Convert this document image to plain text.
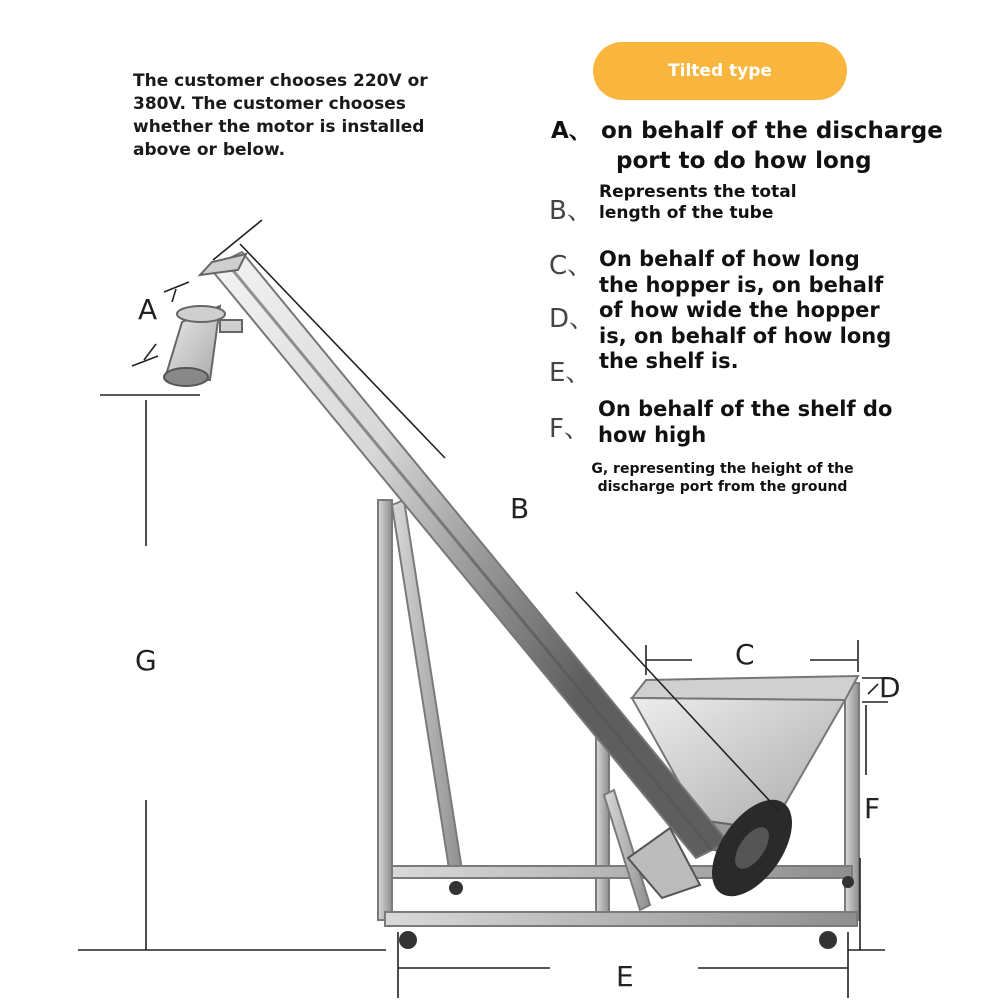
A
B
C
D
F
G
E
The customer chooses 220V or 380V. The customer chooses whether the motor is installed above or below.
Tilted type
A、 on behalf of the discharge
port to do how long
B、
Represents the total length of the tube
C、
D、
E、
On behalf of how long the hopper is, on behalf of how wide the hopper is, on behalf of how long the shelf is.
F、
On behalf of the shelf do how high
G, representing the height of the discharge port from the ground
